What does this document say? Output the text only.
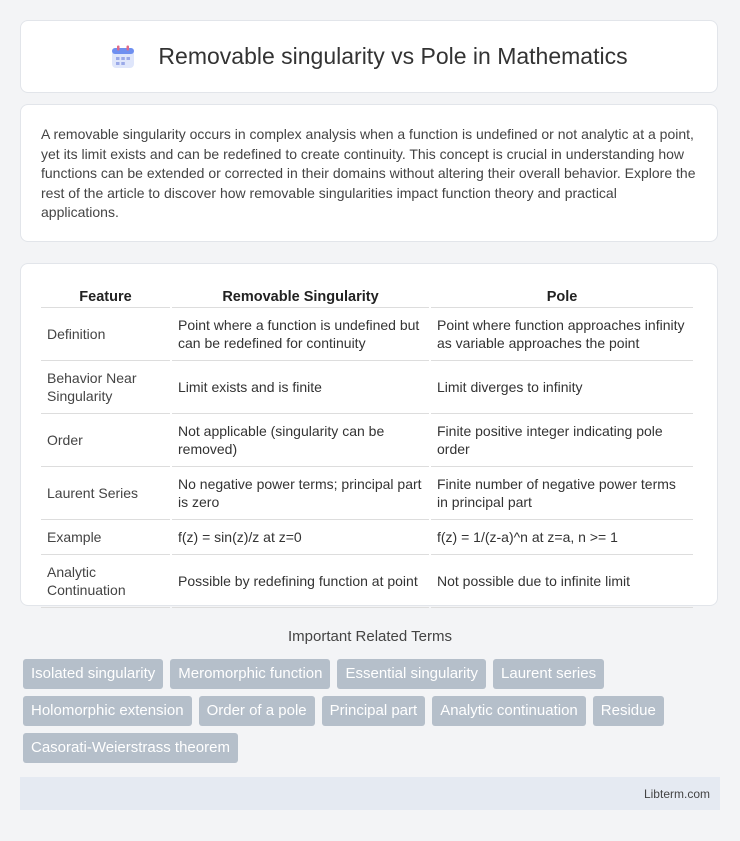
Removable singularity vs Pole in Mathematics

A removable singularity occurs in complex analysis when a function is undefined or not analytic at a point, yet its limit exists and can be redefined to create continuity. This concept is crucial in understanding how functions can be extended or corrected in their domains without altering their overall behavior. Explore the rest of the article to discover how removable singularities impact function theory and practical applications.

Feature	Removable Singularity	Pole
Definition	Point where a function is undefined but can be redefined for continuity	Point where function approaches infinity as variable approaches the point
Behavior Near Singularity	Limit exists and is finite	Limit diverges to infinity
Order	Not applicable (singularity can be removed)	Finite positive integer indicating pole order
Laurent Series	No negative power terms; principal part is zero	Finite number of negative power terms in principal part
Example	f(z) = sin(z)/z at z=0	f(z) = 1/(z-a)^n at z=a, n >= 1
Analytic Continuation	Possible by redefining function at point	Not possible due to infinite limit
Important Related Terms
Isolated singularity	Meromorphic function	Essential singularity	Laurent series
Holomorphic extension	Order of a pole	Principal part	Analytic continuation	Residue
Casorati-Weierstrass theorem
Libterm.com
